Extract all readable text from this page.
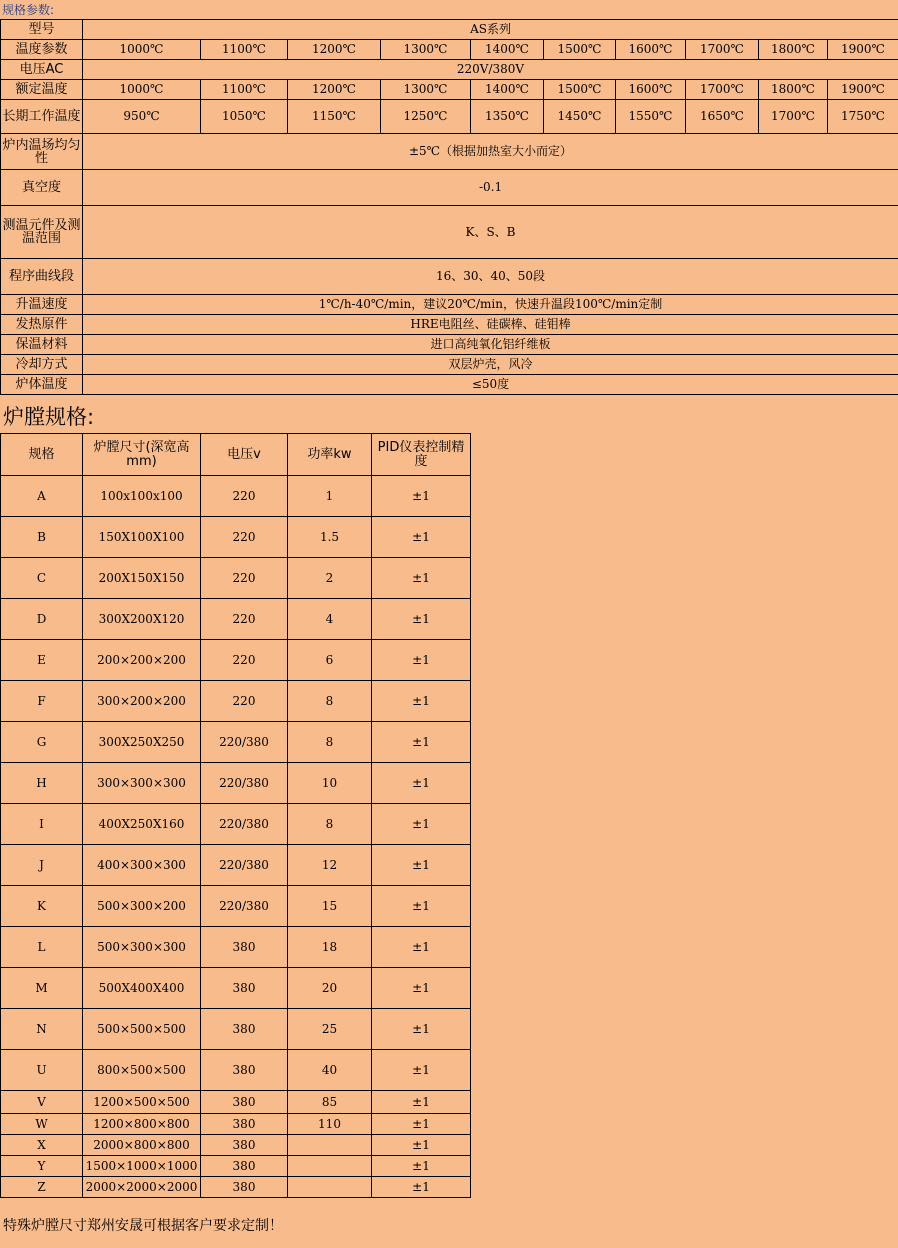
规格参数:
型号	AS系列									
温度参数	1000℃	1100℃	1200℃	1300℃	1400℃	1500℃	1600℃	1700℃	1800℃	1900℃
电压AC	220V/380V									
额定温度	1000℃	1100℃	1200℃	1300℃	1400℃	1500℃	1600℃	1700℃	1800℃	1900℃
长期工作温度	950℃	1050℃	1150℃	1250℃	1350℃	1450℃	1550℃	1650℃	1700℃	1750℃
炉内温场均匀性	±5℃（根据加热室大小而定）									
真空度	-0.1									
测温元件及测温范围	K、S、B									
程序曲线段	16、30、40、50段									
升温速度	1℃/h-40℃/min，建议20℃/min，快速升温段100℃/min定制									
发热原件	HRE电阻丝、硅碳棒、硅钼棒									
保温材料	进口高纯氧化铝纤维板									
冷却方式	双层炉壳，风冷									
炉体温度	≤50度									
炉膛规格:
规格	炉膛尺寸(深宽高mm)	电压v	功率kw	PID仪表控制精度
A	100x100x100	220	1	±1
B	150X100X100	220	1.5	±1
C	200X150X150	220	2	±1
D	300X200X120	220	4	±1
E	200×200×200	220	6	±1
F	300×200×200	220	8	±1
G	300X250X250	220/380	8	±1
H	300×300×300	220/380	10	±1
I	400X250X160	220/380	8	±1
J	400×300×300	220/380	12	±1
K	500×300×200	220/380	15	±1
L	500×300×300	380	18	±1
M	500X400X400	380	20	±1
N	500×500×500	380	25	±1
U	800×500×500	380	40	±1
V	1200×500×500	380	85	±1
W	1200×800×800	380	110	±1
X	2000×800×800	380		±1
Y	1500×1000×1000	380		±1
Z	2000×2000×2000	380		±1
特殊炉膛尺寸郑州安晟可根据客户要求定制！
